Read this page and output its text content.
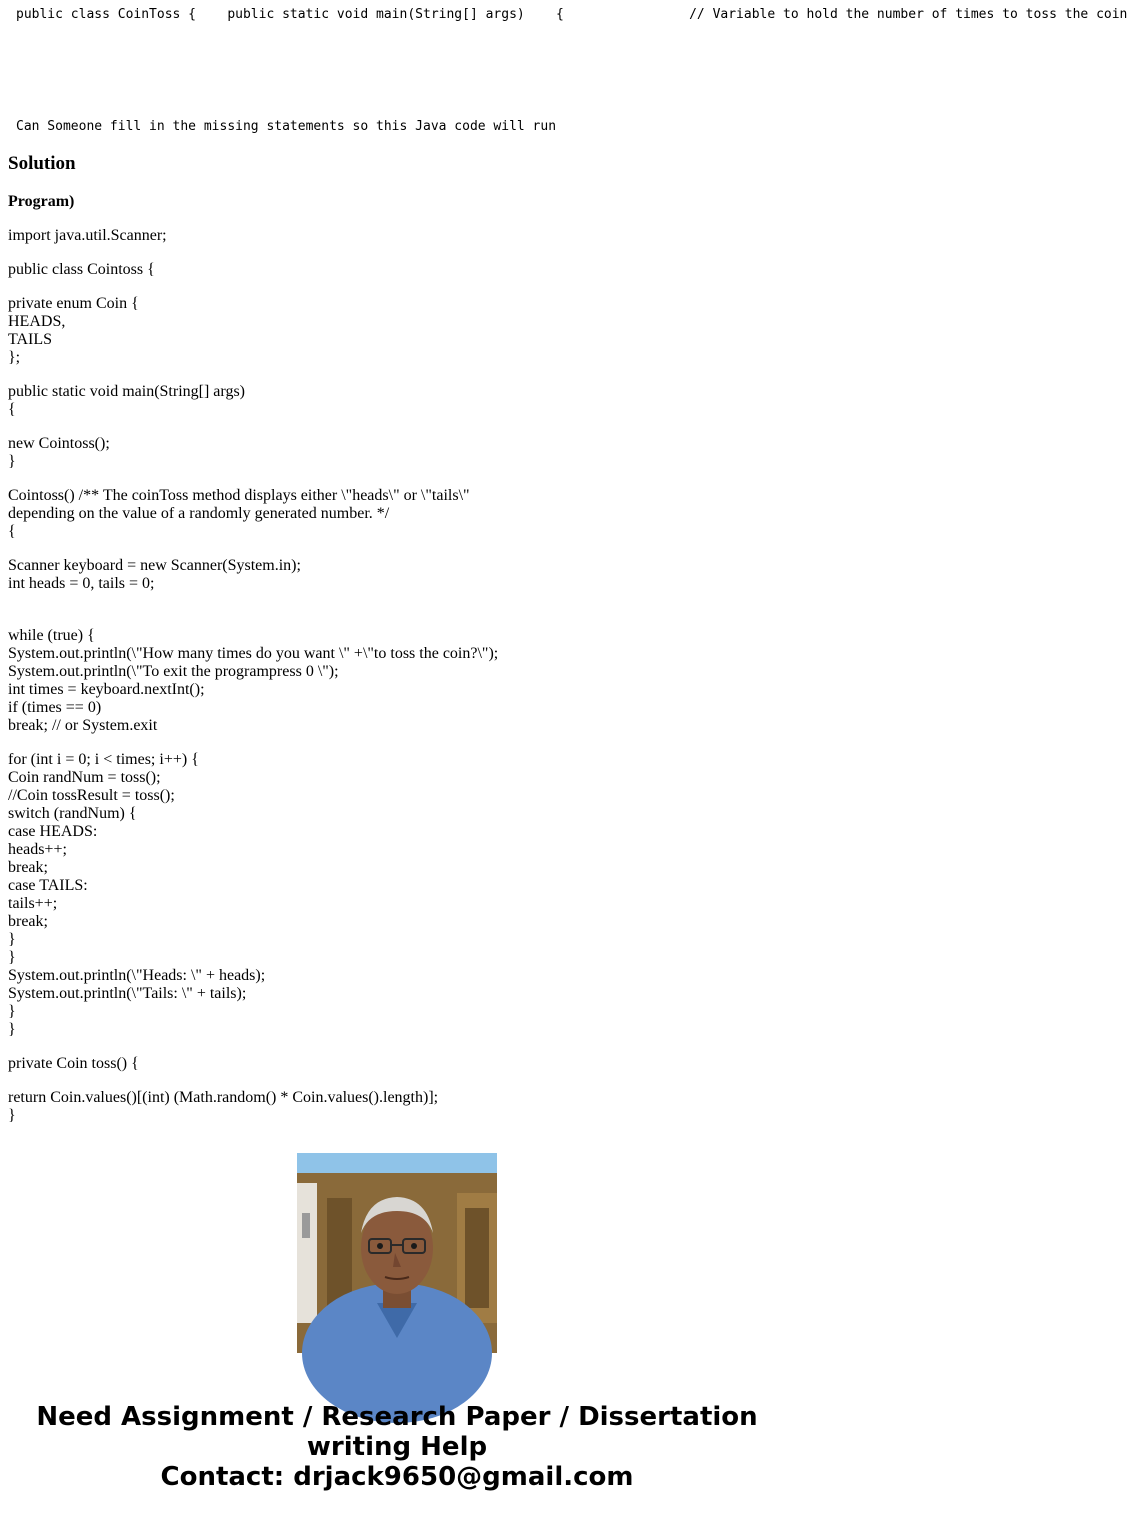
public class CoinToss {    public static void main(String[] args)    {                // Variable to hold the number of times to toss the coin
Can Someone fill in the missing statements so this Java code will run
Solution

Program)

import java.util.Scanner;
public class Cointoss {
private enum Coin {
HEADS,
TAILS
};
public static void main(String[] args)
{
new Cointoss();
}
Cointoss() /** The coinToss method displays either \"heads\" or \"tails\"
depending on the value of a randomly generated number. */
{
Scanner keyboard = new Scanner(System.in);
int heads = 0, tails = 0;
while (true) {
System.out.println(\"How many times do you want \" +\"to toss the coin?\");
System.out.println(\"To exit the programpress 0 \");
int times = keyboard.nextInt();
if (times == 0)
break; // or System.exit
for (int i = 0; i < times; i++) {
Coin randNum = toss();
//Coin tossResult = toss();
switch (randNum) {
case HEADS:
heads++;
break;
case TAILS:
tails++;
break;
}
}
System.out.println(\"Heads: \" + heads);
System.out.println(\"Tails: \" + tails);
}
}
private Coin toss() {
return Coin.values()[(int) (Math.random() * Coin.values().length)];
}
Need Assignment / Research Paper / Dissertation
writing Help
Contact: drjack9650@gmail.com
